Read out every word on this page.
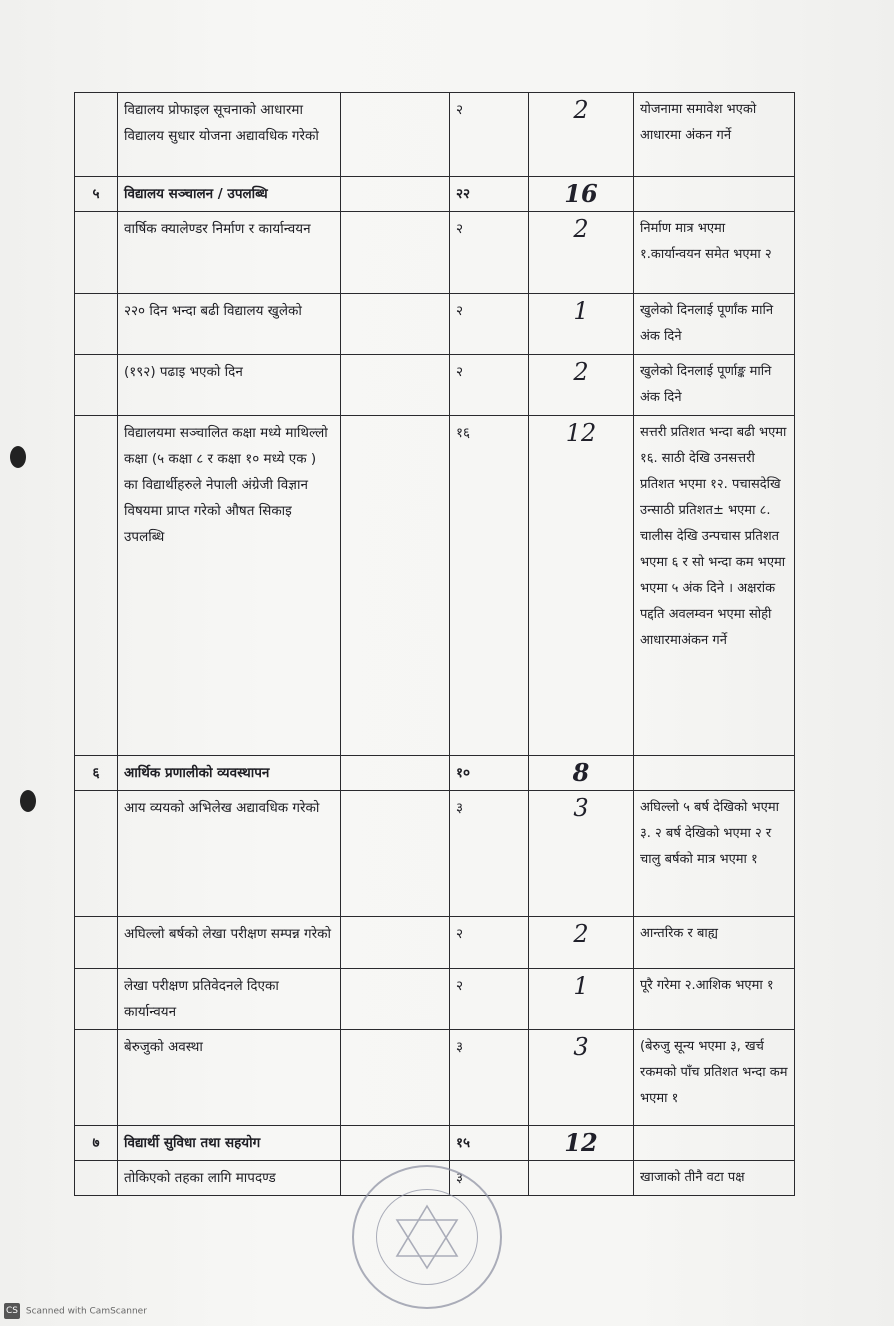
	विद्यालय प्रोफाइल सूचनाको आधारमा विद्यालय सुधार योजना अद्यावधिक गरेको		२	2	योजनामा समावेश भएको आधारमा अंकन गर्ने
५	विद्यालय सञ्चालन / उपलब्धि		२२	16	

	वार्षिक क्यालेण्डर निर्माण र कार्यान्वयन		२	2	निर्माण मात्र भएमा १.कार्यान्वयन समेत भएमा २
	२२० दिन भन्दा बढी विद्यालय खुलेको		२	1	खुलेको दिनलाई पूर्णांक मानि अंक दिने
	(१९२) पढाइ भएको दिन		२	2	खुलेको दिनलाई पूर्णाङ्क मानि अंक दिने
	विद्यालयमा सञ्चालित कक्षा मध्ये माथिल्लो कक्षा (५ कक्षा ८ र कक्षा १० मध्ये एक ) का विद्यार्थीहरुले नेपाली अंग्रेजी विज्ञान विषयमा प्राप्त गरेको औषत सिकाइ उपलब्धि		१६	12	सत्तरी प्रतिशत भन्दा बढी भएमा १६. साठी देखि उनसत्तरी प्रतिशत भएमा १२. पचासदेखि उन्साठी प्रतिशत± भएमा ८. चालीस देखि उन्पचास प्रतिशत भएमा ६ र सो भन्दा कम भएमा भएमा ५ अंक दिने । अक्षरांक पद्दति अवलम्वन भएमा सोही आधारमाअंकन गर्ने
६	आर्थिक प्रणालीको व्यवस्थापन		१०	8	

	आय व्ययको अभिलेख अद्यावधिक गरेको		३	3	अघिल्लो ५ बर्ष देखिको भएमा ३. २ बर्ष देखिको भएमा २ र चालु बर्षको मात्र भएमा १
	अघिल्लो बर्षको लेखा परीक्षण सम्पन्न गरेको		२	2	आन्तरिक र बाह्य
	लेखा परीक्षण प्रतिवेदनले दिएका कार्यान्वयन		२	1	पूरै गरेमा २.आशिक भएमा १
	बेरुजुको अवस्था		३	3	(बेरुजु सून्य भएमा ३, खर्च रकमको पाँच प्रतिशत भन्दा कम भएमा १
७	विद्यार्थी सुविधा तथा सहयोग		१५	12	

	तोकिएको तहका लागि मापदण्ड		३		खाजाको तीनै वटा पक्ष
CS Scanned with CamScanner
